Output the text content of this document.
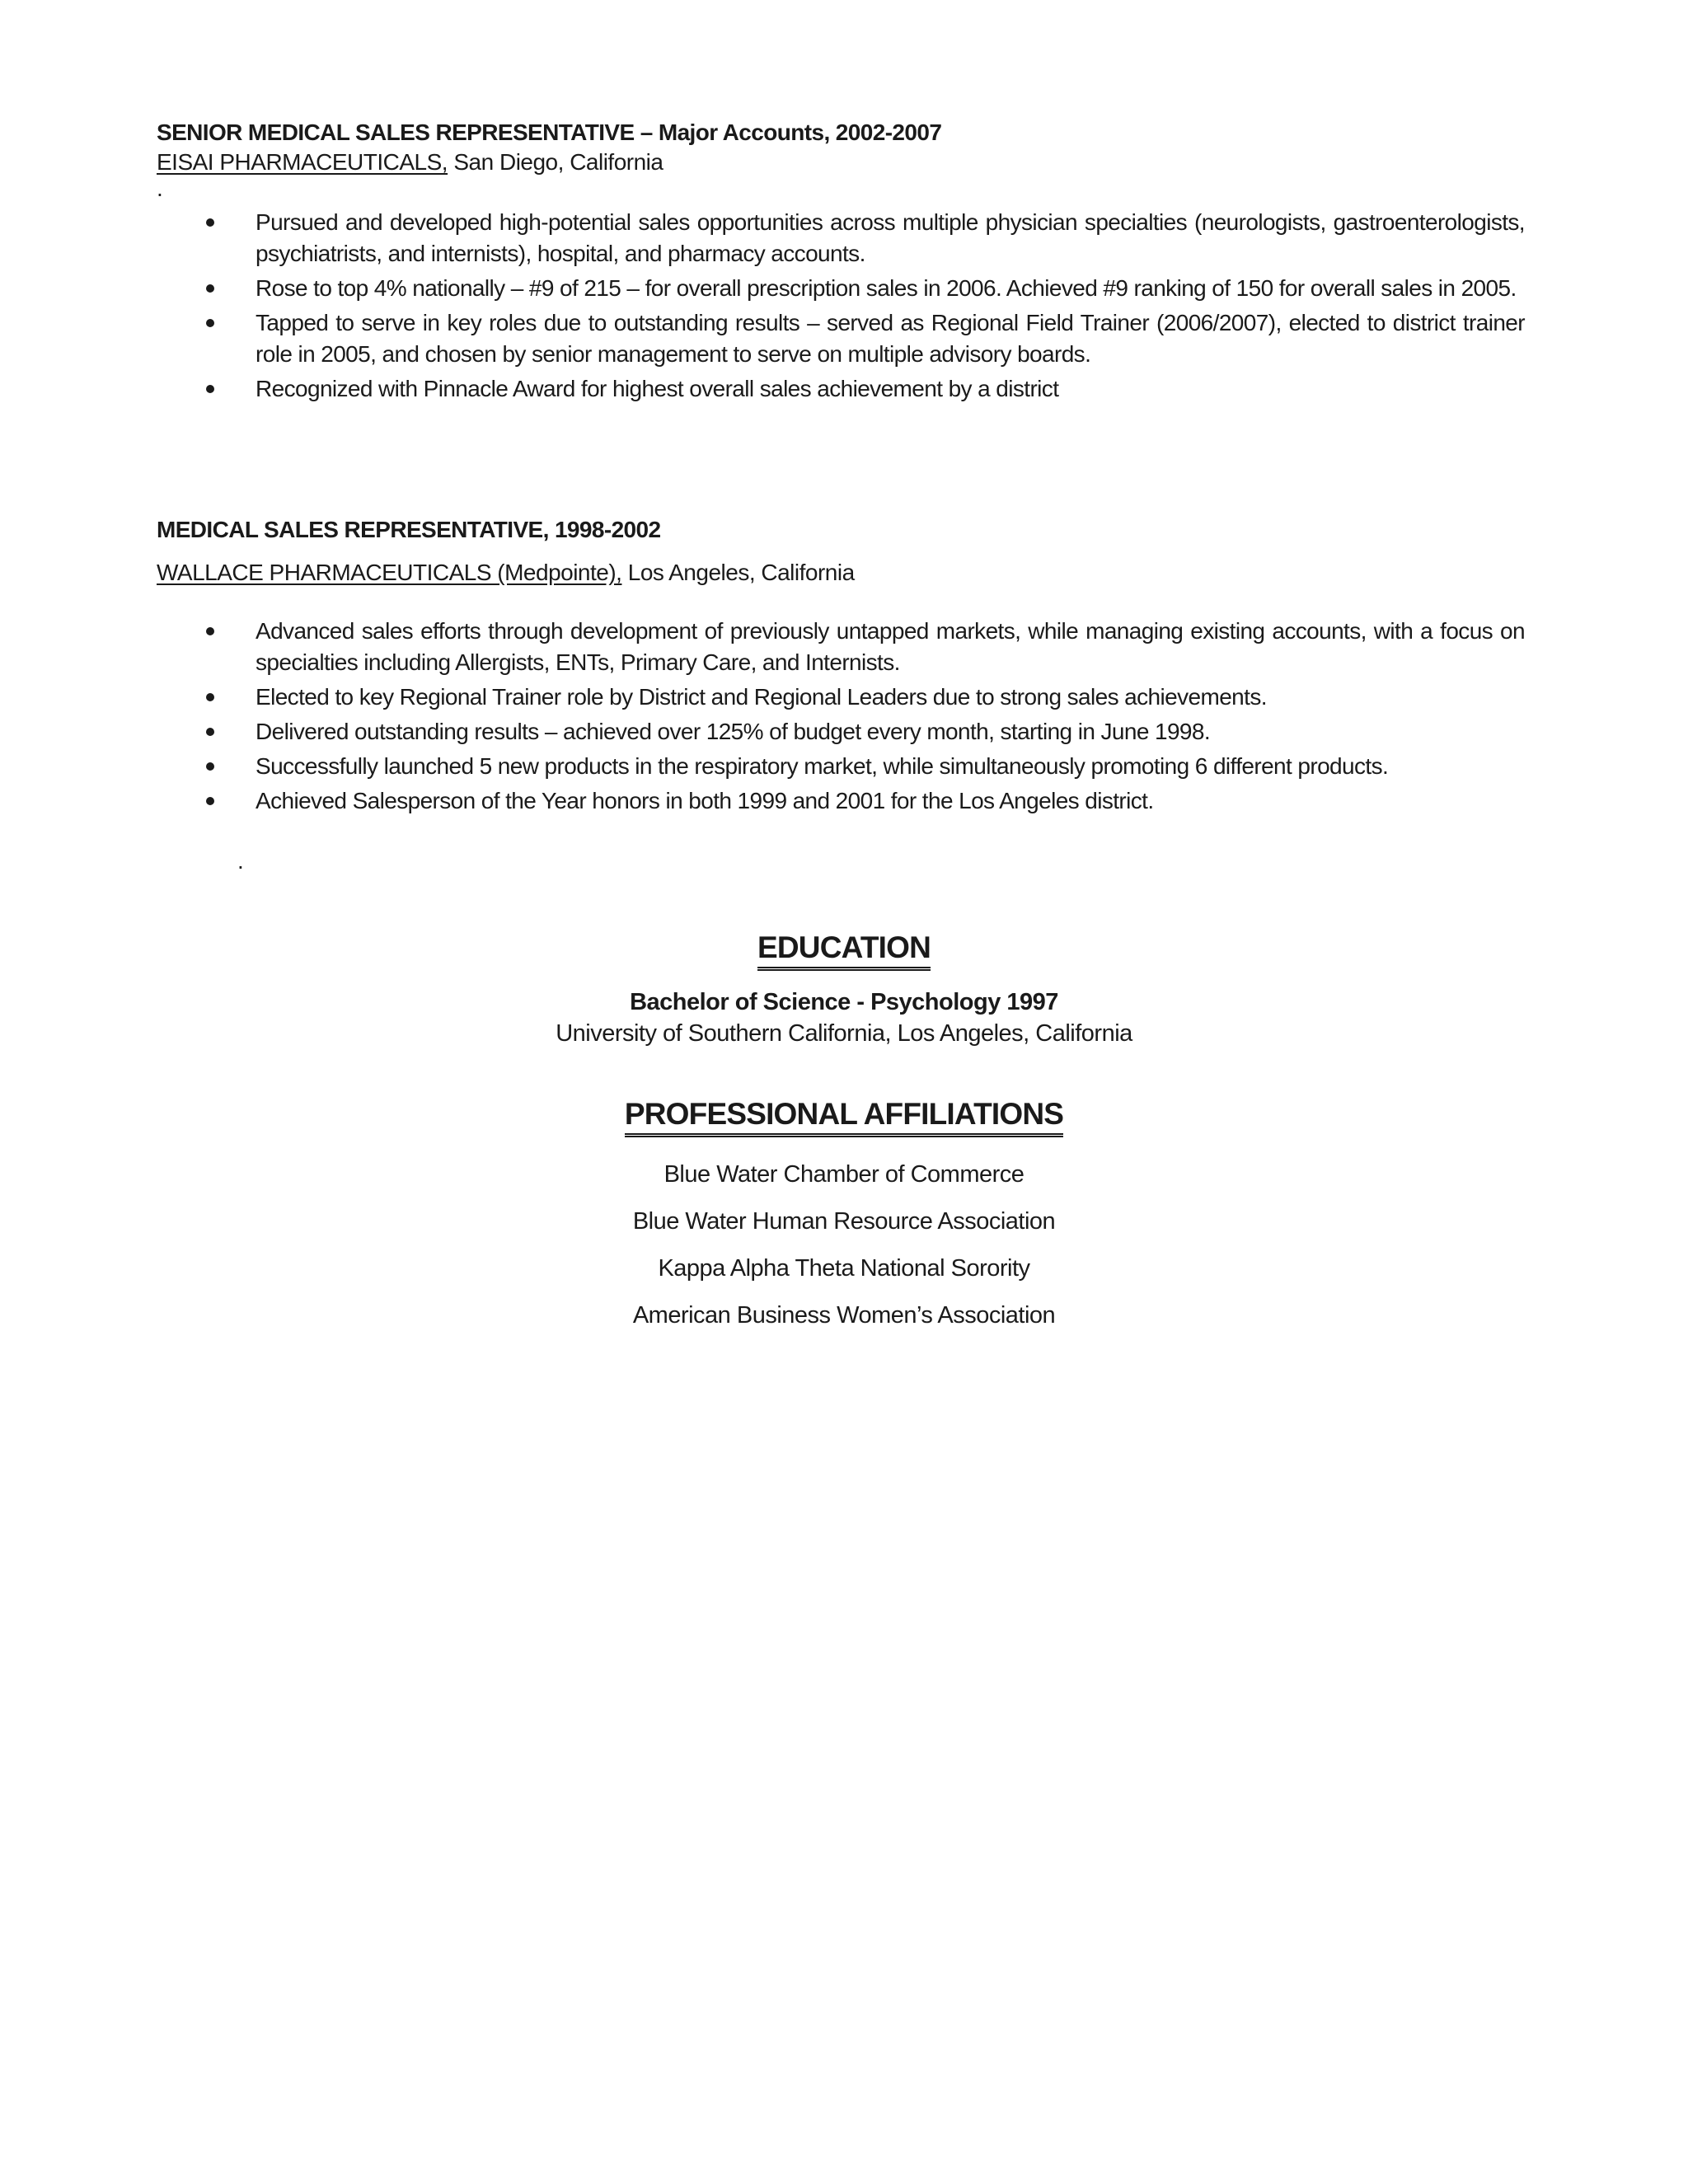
SENIOR MEDICAL SALES REPRESENTATIVE – Major Accounts, 2002-2007
EISAI PHARMACEUTICALS, San Diego, California
.
Pursued and developed high-potential sales opportunities across multiple physician specialties (neurologists, gastroenterologists, psychiatrists, and internists), hospital, and pharmacy accounts.
Rose to top 4% nationally – #9 of 215 – for overall prescription sales in 2006. Achieved #9 ranking of 150 for overall sales in 2005.
Tapped to serve in key roles due to outstanding results – served as Regional Field Trainer (2006/2007), elected to district trainer role in 2005, and chosen by senior management to serve on multiple advisory boards.
Recognized with Pinnacle Award for highest overall sales achievement by a district
MEDICAL SALES REPRESENTATIVE, 1998-2002
WALLACE PHARMACEUTICALS (Medpointe), Los Angeles, California
Advanced sales efforts through development of previously untapped markets, while managing existing accounts, with a focus on specialties including Allergists, ENTs, Primary Care, and Internists.
Elected to key Regional Trainer role by District and Regional Leaders due to strong sales achievements.
Delivered outstanding results – achieved over 125% of budget every month, starting in June 1998.
Successfully launched 5 new products in the respiratory market, while simultaneously promoting 6 different products.
Achieved Salesperson of the Year honors in both 1999 and 2001 for the Los Angeles district.
.
EDUCATION
Bachelor of Science - Psychology 1997
University of Southern California, Los Angeles, California
PROFESSIONAL AFFILIATIONS
Blue Water Chamber of Commerce
Blue Water Human Resource Association
Kappa Alpha Theta National Sorority
American Business Women’s Association
